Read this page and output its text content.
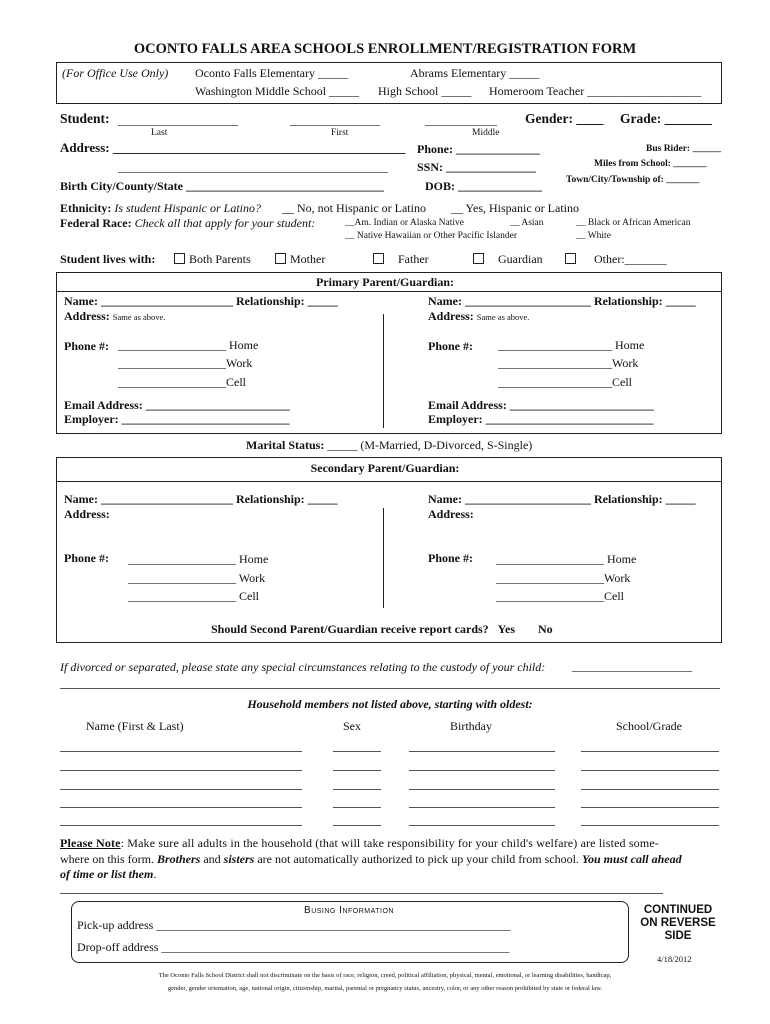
OCONTO FALLS AREA SCHOOLS ENROLLMENT/REGISTRATION FORM
(For Office Use Only) Oconto Falls Elementary _____	Abrams Elementary _____
Washington Middle School _____ High School _____ Homeroom Teacher ___________________
Student: ____________________	_______________	____________ Gender: ____ Grade: _______
Last	First	Middle
Address: _____________________________________________
_____________________________________________
Phone: ______________
SSN: _______________
Birth City/County/State _________________________________	DOB: ______________
Bus Rider: ______
Miles from School: _______
Town/City/Township of: _______
Ethnicity: Is student Hispanic or Latino? __ No, not Hispanic or Latino __ Yes, Hispanic or Latino
Federal Race: Check all that apply for your student:	__Am. Indian or Alaska Native	__ Asian	__ Black or African American
__ Native Hawaiian or Other Pacific Islander	__ White
Student lives with:	Both Parents	Mother	Father	Guardian	Other:_______
Primary Parent/Guardian:
Name: ______________________ Relationship: _____
Address: Same as above.
Phone #: __________________ Home
__________________Work
__________________Cell
Email Address: ________________________
Employer: ____________________________
Name: _____________________ Relationship: _____
Address: Same as above.
Phone #: ___________________ Home
___________________Work
___________________Cell
Email Address: ________________________
Employer: ____________________________
Marital Status: _____ (M-Married, D-Divorced, S-Single)
Secondary Parent/Guardian:
Name: ______________________ Relationship: _____
Address:
Phone #: __________________ Home
__________________ Work
__________________ Cell
Name: _____________________ Relationship: _____
Address:
Phone #: __________________ Home
__________________Work
__________________Cell
Should Second Parent/Guardian receive report cards? Yes No
If divorced or separated, please state any special circumstances relating to the custody of your child: ____________________
Household members not listed above, starting with oldest:
Name (First & Last)	Sex	Birthday	School/Grade
Please Note: Make sure all adults in the household (that will take responsibility for your child's welfare) are listed some-
where on this form. Brothers and sisters are not automatically authorized to pick up your child from school. You must call ahead
of time or list them.
Busing Information
Pick-up address ___________________________________________________________
Drop-off address __________________________________________________________
CONTINUED
ON REVERSE
SIDE
4/18/2012
The Oconto Falls School District shall not discriminate on the basis of race, religion, creed, political affiliation, physical, mental, emotional, or learning disabilities, handicap,
gender, gender orientation, age, national origin, citizenship, marital, parental or pregnancy status, ancestry, color, or any other reason prohibited by state or federal law.
